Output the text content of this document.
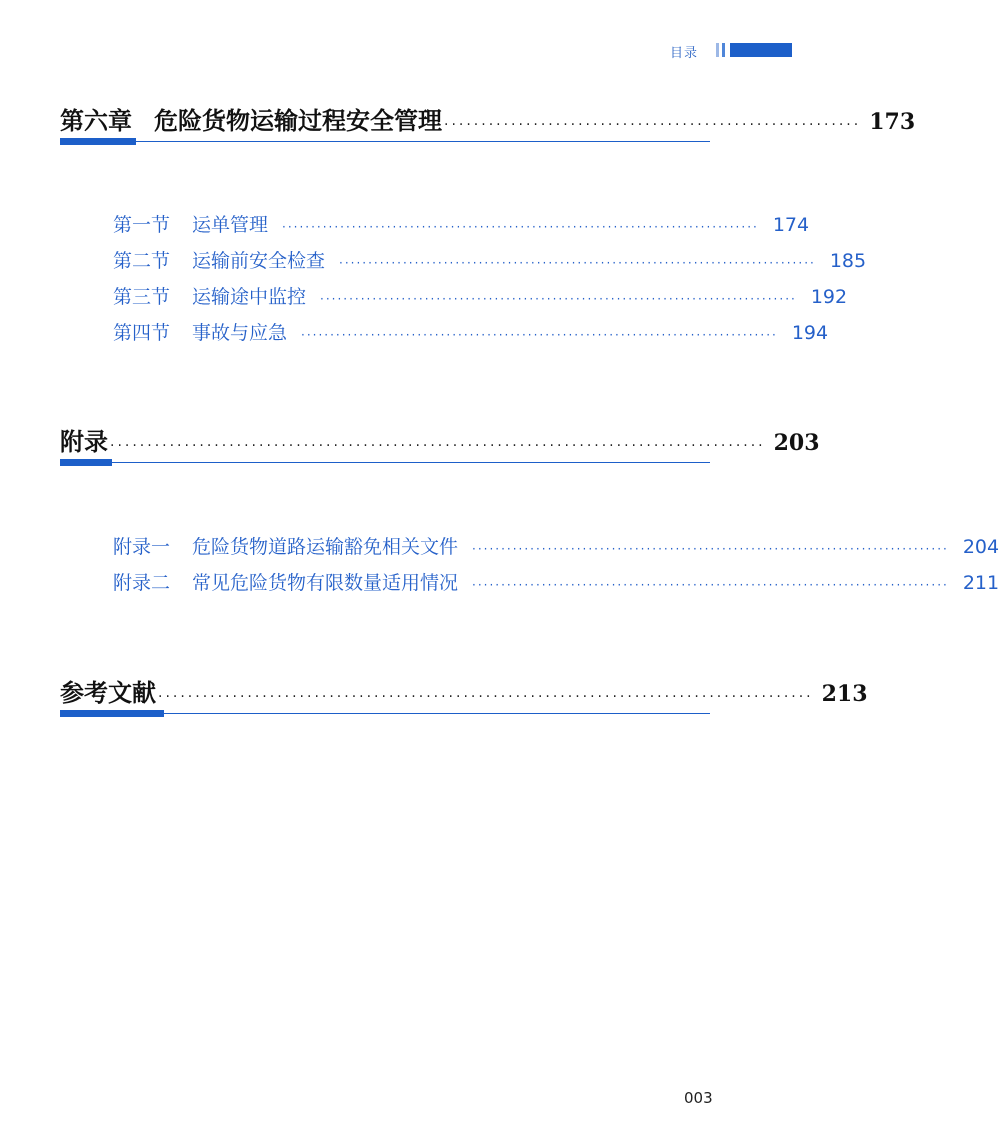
目录
第六章 危险货物运输过程安全管理 ························································ 173
第一节 运单管理 ·················································································· 174
第二节 运输前安全检查 ·················································································· 185
第三节 运输途中监控 ·················································································· 192
第四节 事故与应急 ·················································································· 194
附录 ························································································ 203
附录一 危险货物道路运输豁免相关文件 ·················································································· 204
附录二 常见危险货物有限数量适用情况 ·················································································· 211
参考文献 ························································································ 213
003
